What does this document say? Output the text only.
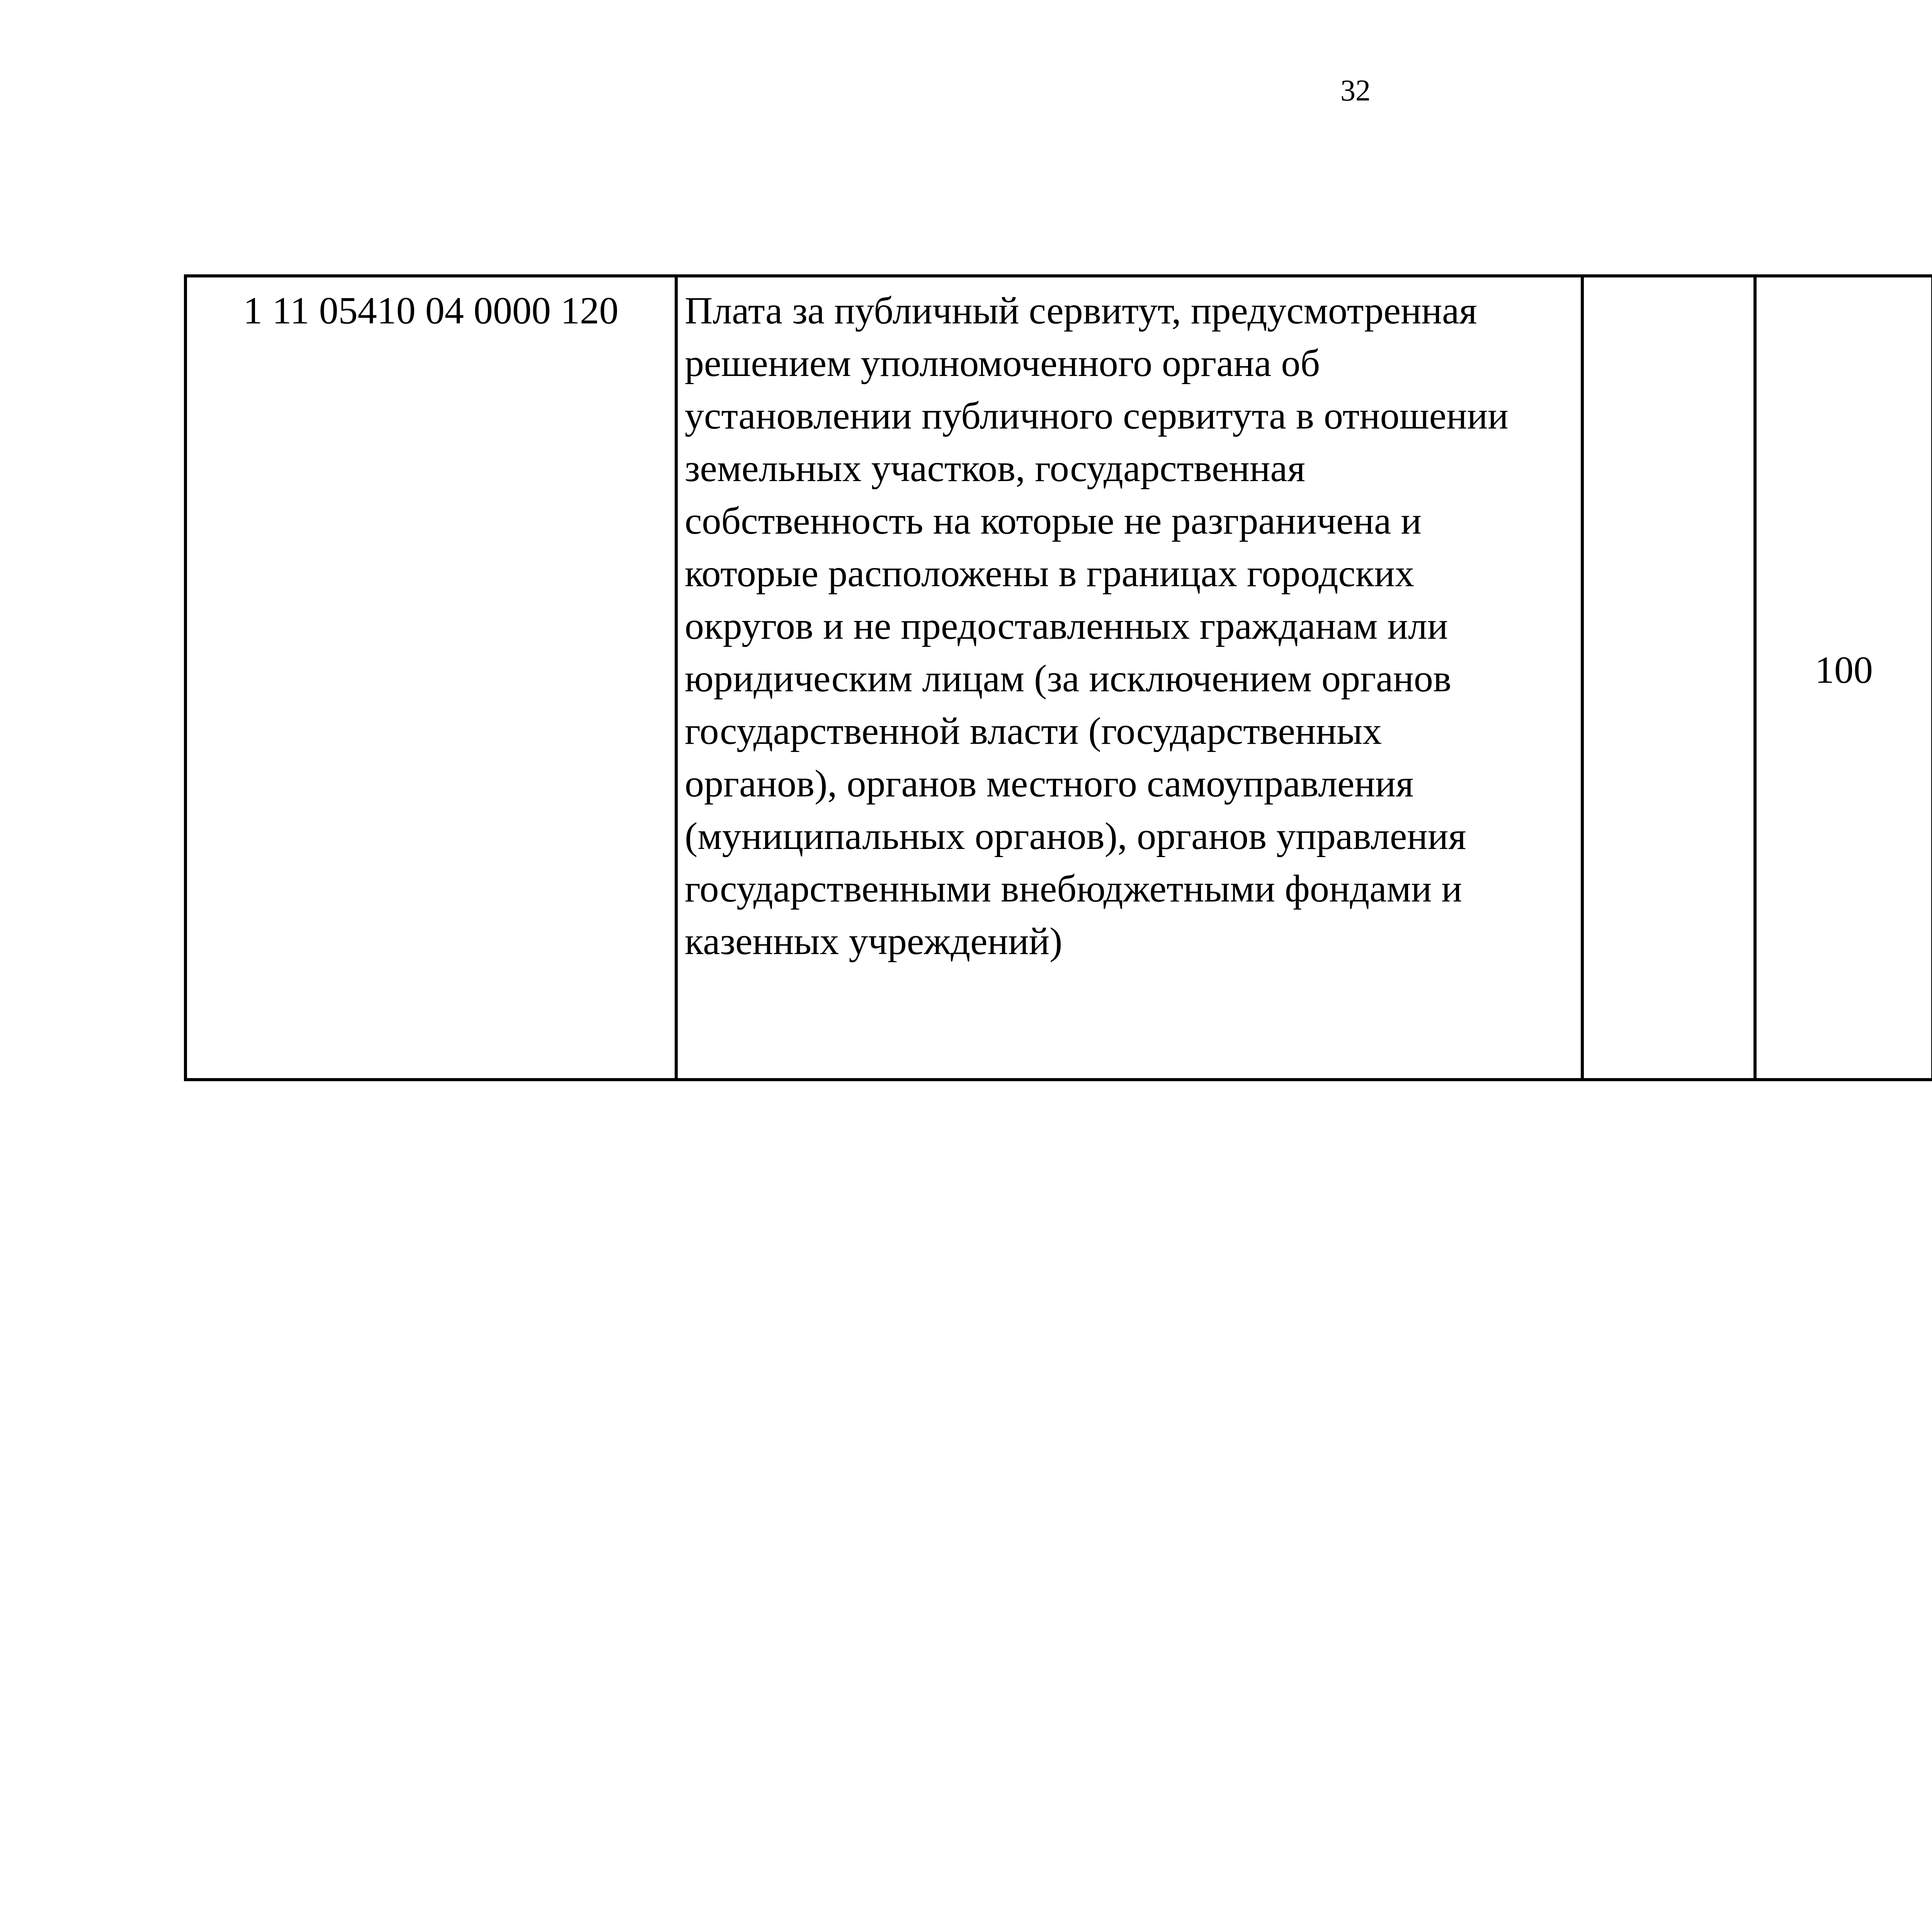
32
1 11 05410 04 0000 120	Плата за публичный сервитут, предусмотренная
решением уполномоченного органа об
установлении публичного сервитута в отношении
земельных участков, государственная
собственность на которые не разграничена и
которые расположены в границах городских
округов и не предоставленных гражданам или
юридическим лицам (за исключением органов
государственной власти (государственных
органов), органов местного самоуправления
(муниципальных органов), органов управления
государственными внебюджетными фондами и
казенных учреждений)
		100			
